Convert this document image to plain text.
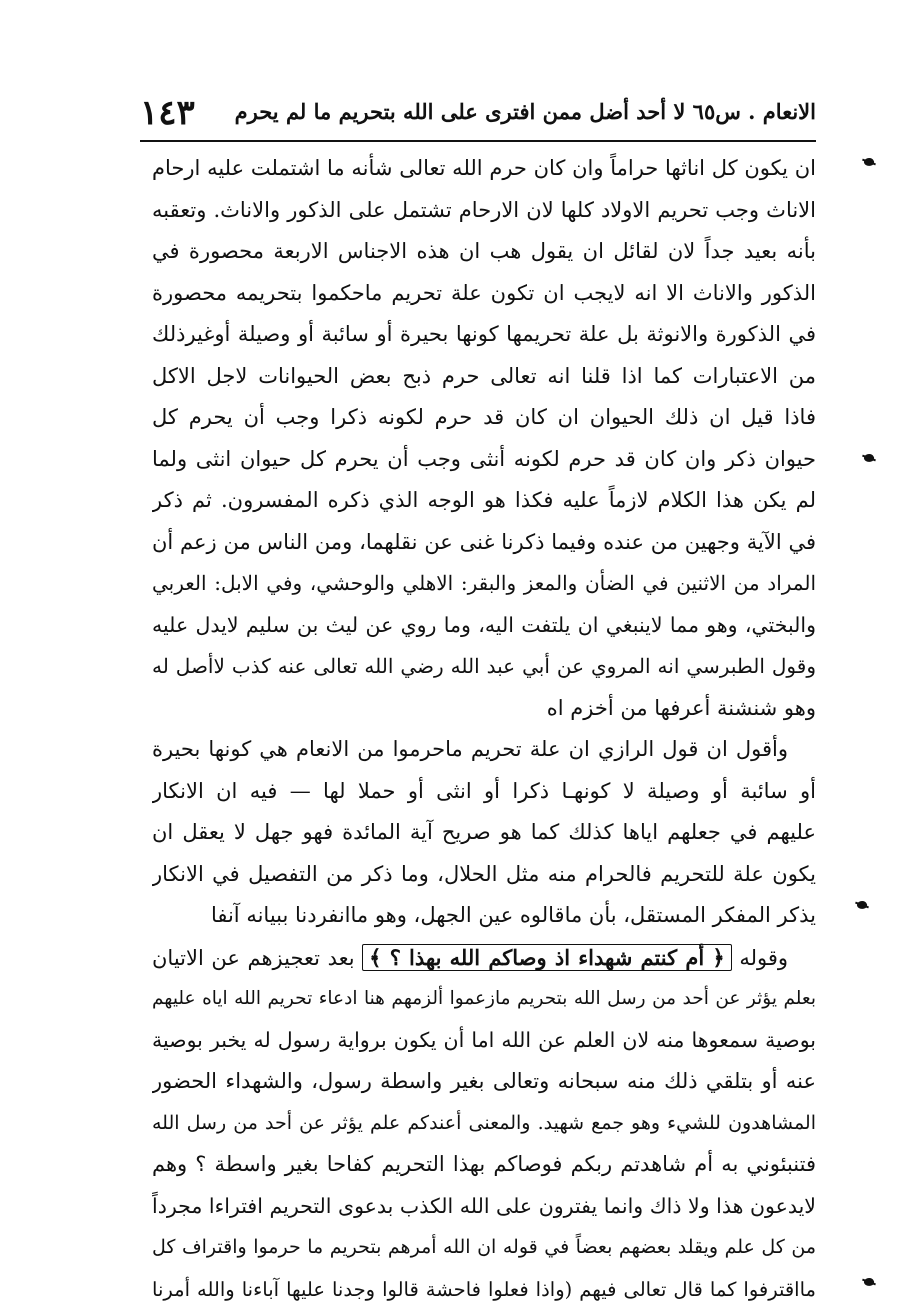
الانعام . س٦٥ لا أحد أضل ممن افترى على الله بتحريم ما لم يحرم
١٤٣
ان يكون كل اناثها حراماً وان كان حرم الله تعالى شأنه ما اشتملت عليه ارحام
الاناث وجب تحريم الاولاد كلها لان الارحام تشتمل على الذكور والاناث. وتعقبه
بأنه بعيد جداً لان لقائل ان يقول هب ان هذه الاجناس الاربعة محصورة في
الذكور والاناث الا انه لايجب ان تكون علة تحريم ماحكموا بتحريمه محصورة
في الذكورة والانوثة بل علة تحريمها كونها بحيرة أو سائبة أو وصيلة أوغيرذلك
من الاعتبارات كما اذا قلنا انه تعالى حرم ذبح بعض الحيوانات لاجل الاكل
فاذا قيل ان ذلك الحيوان ان كان قد حرم لكونه ذكرا وجب أن يحرم كل
حيوان ذكر وان كان قد حرم لكونه أنثى وجب أن يحرم كل حيوان انثى ولما
لم يكن هذا الكلام لازماً عليه فكذا هو الوجه الذي ذكره المفسرون. ثم ذكر
في الآية وجهين من عنده وفيما ذكرنا غنى عن نقلهما، ومن الناس من زعم أن
المراد من الاثنين في الضأن والمعز والبقر: الاهلي والوحشي، وفي الابل: العربي
والبختي، وهو مما لاينبغي ان يلتفت اليه، وما روي عن ليث بن سليم لايدل عليه
وقول الطبرسي انه المروي عن أبي عبد الله رضي الله تعالى عنه كذب لاأصل له
وهو شنشنة أعرفها من أخزم اه
وأقول ان قول الرازي ان علة تحريم ماحرموا من الانعام هي كونها بحيرة
أو سائبة أو وصيلة لا كونهـا ذكرا أو انثى أو حملا لها — فيه ان الانكار
عليهم في جعلهم اياها كذلك كما هو صريح آية المائدة فهو جهل لا يعقل ان
يكون علة للتحريم فالحرام منه مثل الحلال، وما ذكر من التفصيل في الانكار
يذكر المفكر المستقل، بأن ماقالوه عين الجهل، وهو ماانفردنا ببيانه آنفا
وقوله ﴿ أم كنتم شهداء اذ وصاكم الله بهذا ؟ ﴾ بعد تعجيزهم عن الاتيان
بعلم يؤثر عن أحد من رسل الله بتحريم مازعموا ألزمهم هنا ادعاء تحريم الله اياه عليهم
بوصية سمعوها منه لان العلم عن الله اما أن يكون برواية رسول له يخبر بوصية
عنه أو بتلقي ذلك منه سبحانه وتعالى بغير واسطة رسول، والشهداء الحضور
المشاهدون للشيء وهو جمع شهيد. والمعنى أعندكم علم يؤثر عن أحد من رسل الله
فتنبئوني به أم شاهدتم ربكم فوصاكم بهذا التحريم كفاحا بغير واسطة ؟ وهم
لايدعون هذا ولا ذاك وانما يفترون على الله الكذب بدعوى التحريم افتراءا مجرداً
من كل علم ويقلد بعضهم بعضاً في قوله ان الله أمرهم بتحريم ما حرموا واقتراف كل
مااقترفوا كما قال تعالى فيهم (واذا فعلوا فاحشة قالوا وجدنا عليها آباءنا والله أمرنا
